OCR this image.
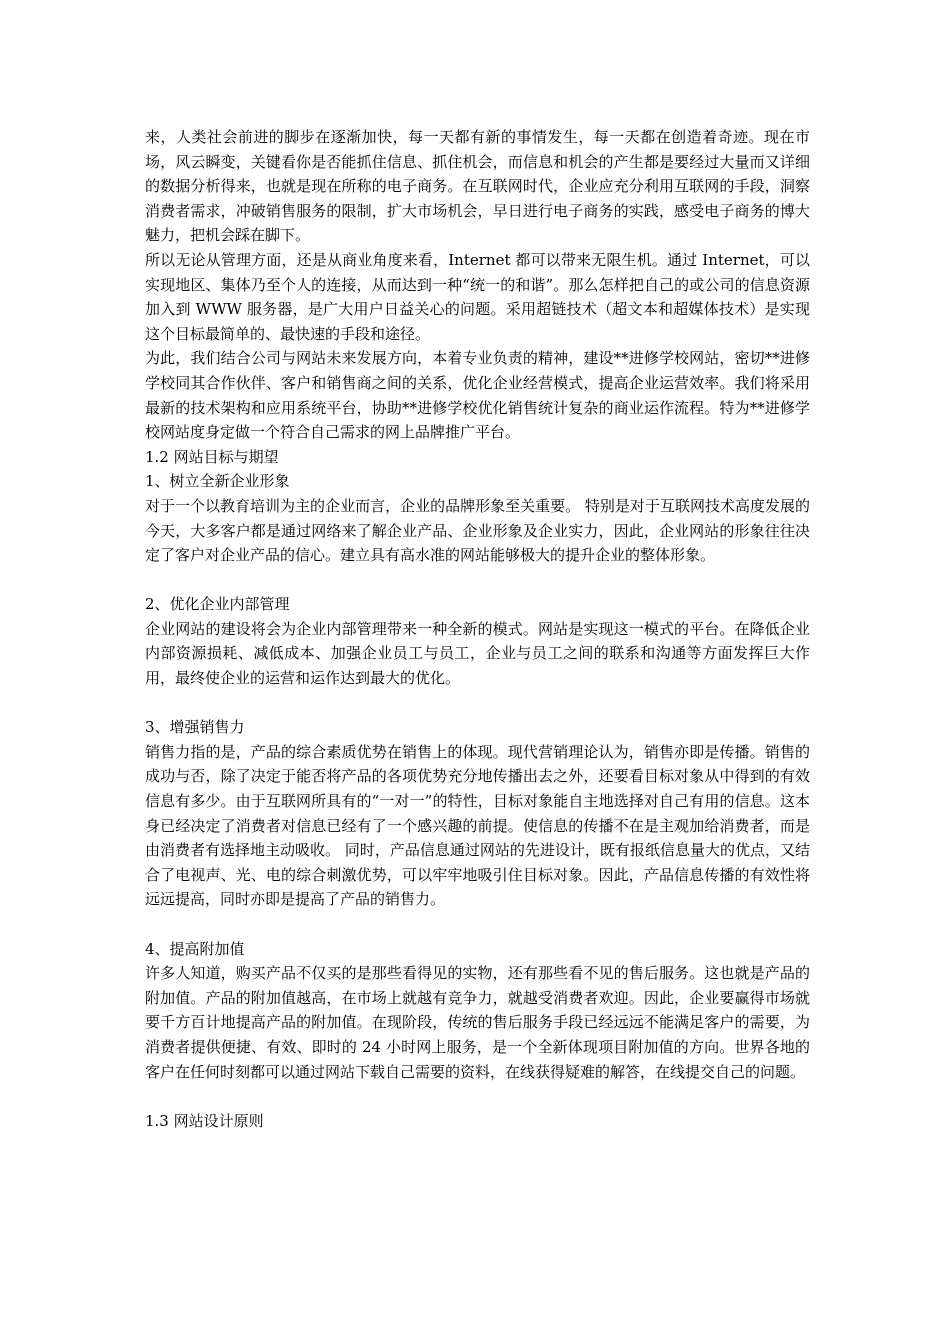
来，人类社会前进的脚步在逐渐加快，每一天都有新的事情发生，每一天都在创造着奇迹。现在市场，风云瞬变，关键看你是否能抓住信息、抓住机会，而信息和机会的产生都是要经过大量而又详细的数据分析得来，也就是现在所称的电子商务。在互联网时代，企业应充分利用互联网的手段，洞察消费者需求，冲破销售服务的限制，扩大市场机会，早日进行电子商务的实践，感受电子商务的博大魅力，把机会踩在脚下。

所以无论从管理方面，还是从商业角度来看，Internet 都可以带来无限生机。通过 Internet，可以实现地区、集体乃至个人的连接，从而达到一种“统一的和谐”。那么怎样把自己的或公司的信息资源加入到 WWW 服务器，是广大用户日益关心的问题。采用超链技术（超文本和超媒体技术）是实现这个目标最简单的、最快速的手段和途径。

为此，我们结合公司与网站未来发展方向，本着专业负责的精神，建设**进修学校网站，密切**进修学校同其合作伙伴、客户和销售商之间的关系，优化企业经营模式，提高企业运营效率。我们将采用最新的技术架构和应用系统平台，协助**进修学校优化销售统计复杂的商业运作流程。特为**进修学校网站度身定做一个符合自己需求的网上品牌推广平台。

1.2 网站目标与期望

1、树立全新企业形象

对于一个以教育培训为主的企业而言，企业的品牌形象至关重要。 特别是对于互联网技术高度发展的今天，大多客户都是通过网络来了解企业产品、企业形象及企业实力，因此，企业网站的形象往往决定了客户对企业产品的信心。建立具有高水准的网站能够极大的提升企业的整体形象。

2、优化企业内部管理

企业网站的建设将会为企业内部管理带来一种全新的模式。网站是实现这一模式的平台。在降低企业内部资源损耗、减低成本、加强企业员工与员工，企业与员工之间的联系和沟通等方面发挥巨大作用，最终使企业的运营和运作达到最大的优化。

3、增强销售力

销售力指的是，产品的综合素质优势在销售上的体现。现代营销理论认为，销售亦即是传播。销售的成功与否，除了决定于能否将产品的各项优势充分地传播出去之外，还要看目标对象从中得到的有效信息有多少。由于互联网所具有的“一对一”的特性，目标对象能自主地选择对自己有用的信息。这本身已经决定了消费者对信息已经有了一个感兴趣的前提。使信息的传播不在是主观加给消费者，而是由消费者有选择地主动吸收。 同时，产品信息通过网站的先进设计，既有报纸信息量大的优点，又结合了电视声、光、电的综合刺激优势，可以牢牢地吸引住目标对象。因此，产品信息传播的有效性将远远提高，同时亦即是提高了产品的销售力。

4、提高附加值

许多人知道，购买产品不仅买的是那些看得见的实物，还有那些看不见的售后服务。这也就是产品的附加值。产品的附加值越高，在市场上就越有竞争力，就越受消费者欢迎。因此，企业要赢得市场就要千方百计地提高产品的附加值。在现阶段，传统的售后服务手段已经远远不能满足客户的需要，为消费者提供便捷、有效、即时的 24 小时网上服务，是一个全新体现项目附加值的方向。世界各地的客户在任何时刻都可以通过网站下载自己需要的资料，在线获得疑难的解答，在线提交自己的问题。

1.3 网站设计原则
